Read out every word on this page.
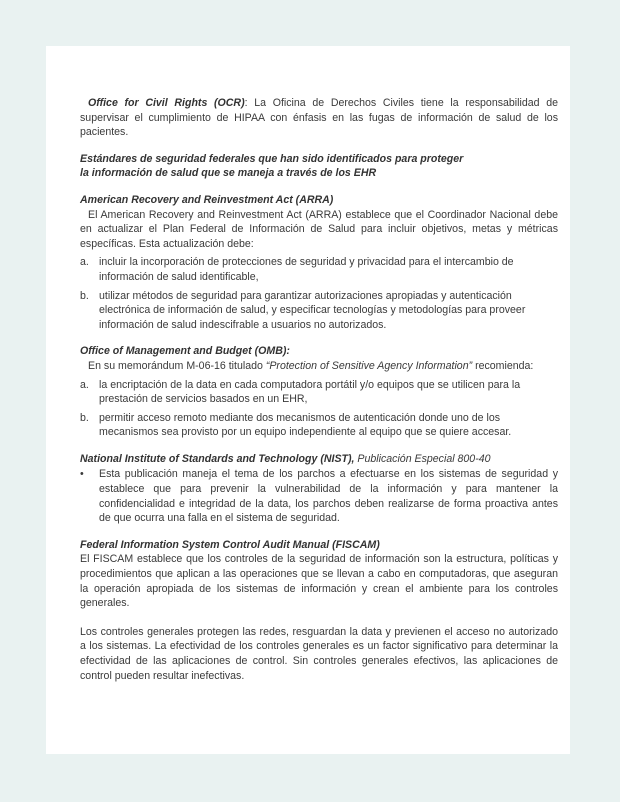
Office for Civil Rights (OCR): La Oficina de Derechos Civiles tiene la responsabilidad de supervisar el cumplimiento de HIPAA con énfasis en las fugas de información de salud de los pacientes.

Estándares de seguridad federales que han sido identificados para proteger
la información de salud que se maneja a través de los EHR
American Recovery and Reinvestment Act (ARRA)

El American Recovery and Reinvestment Act (ARRA) establece que el Coordinador Nacional debe en actualizar el Plan Federal de Información de Salud para incluir objetivos, metas y métricas específicas. Esta actualización debe:

a. incluir la incorporación de protecciones de seguridad y privacidad para el intercambio de información de salud identificable,
b. utilizar métodos de seguridad para garantizar autorizaciones apropiadas y autenticación electrónica de información de salud, y especificar tecnologías y metodologías para proveer información de salud indescifrable a usuarios no autorizados.
Office of Management and Budget (OMB):

En su memorándum M-06-16 titulado “Protection of Sensitive Agency Information” recomienda:

a. la encriptación de la data en cada computadora portátil y/o equipos que se utilicen para la prestación de servicios basados en un EHR,
b. permitir acceso remoto mediante dos mecanismos de autenticación donde uno de los mecanismos sea provisto por un equipo independiente al equipo que se quiere accesar.
National Institute of Standards and Technology (NIST), Publicación Especial 800-40
• Esta publicación maneja el tema de los parchos a efectuarse en los sistemas de seguridad y establece que para prevenir la vulnerabilidad de la información y para mantener la confidencialidad e integridad de la data, los parchos deben realizarse de forma proactiva antes de que ocurra una falla en el sistema de seguridad.
Federal Information System Control Audit Manual (FISCAM)

El FISCAM establece que los controles de la seguridad de información son la estructura, políticas y procedimientos que aplican a las operaciones que se llevan a cabo en computadoras, que aseguran la operación apropiada de los sistemas de información y crean el ambiente para los controles generales.

Los controles generales protegen las redes, resguardan la data y previenen el acceso no autorizado a los sistemas. La efectividad de los controles generales es un factor significativo para determinar la efectividad de las aplicaciones de control. Sin controles generales efectivos, las aplicaciones de control pueden resultar inefectivas.
